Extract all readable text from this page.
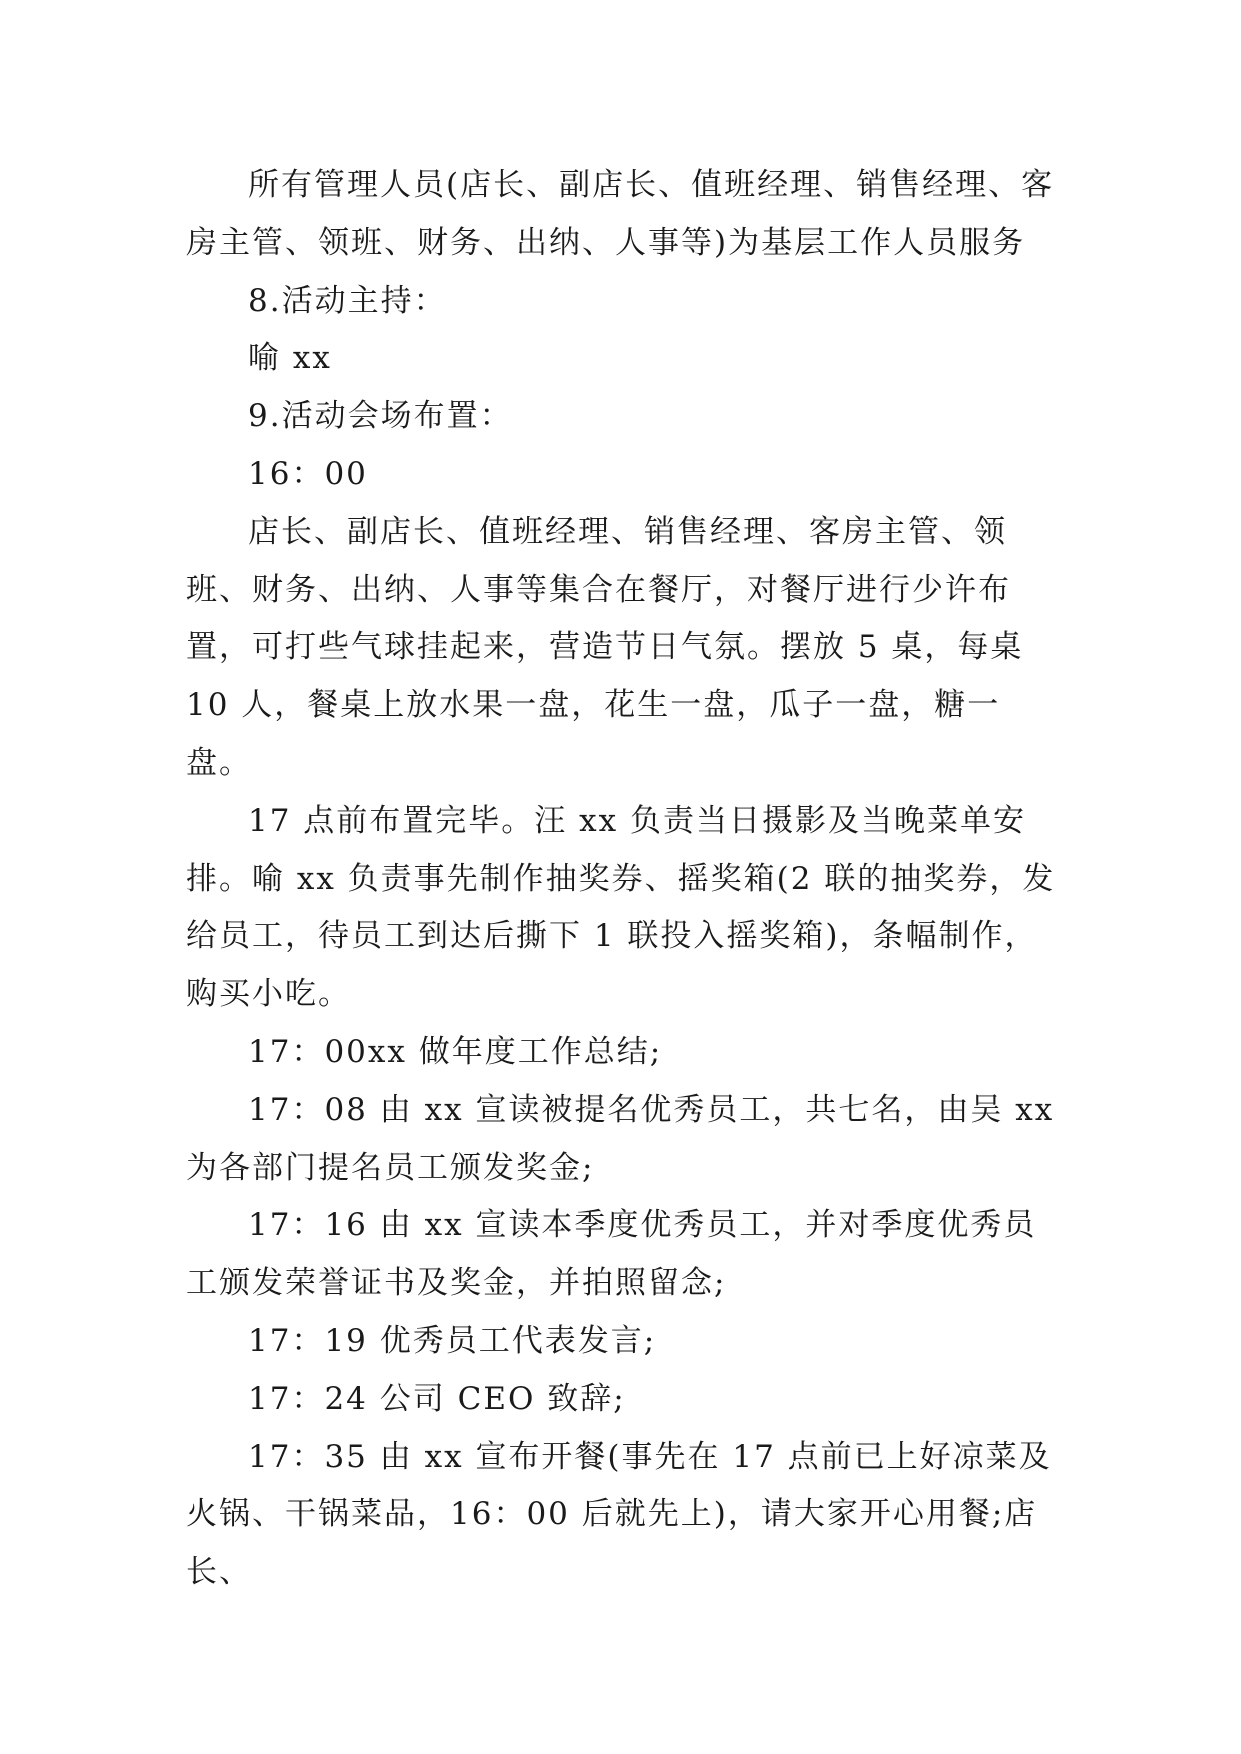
所有管理人员(店长、副店长、值班经理、销售经理、客房主管、领班、财务、出纳、人事等)为基层工作人员服务

8.活动主持：

喻 xx

9.活动会场布置：

16：00

店长、副店长、值班经理、销售经理、客房主管、领班、财务、出纳、人事等集合在餐厅，对餐厅进行少许布置，可打些气球挂起来，营造节日气氛。摆放 5 桌，每桌 10 人，餐桌上放水果一盘，花生一盘，瓜子一盘，糖一盘。

17 点前布置完毕。汪 xx 负责当日摄影及当晚菜单安排。喻 xx 负责事先制作抽奖券、摇奖箱(2 联的抽奖券，发给员工，待员工到达后撕下 1 联投入摇奖箱)，条幅制作，购买小吃。

17：00xx 做年度工作总结;

17：08 由 xx 宣读被提名优秀员工，共七名，由吴 xx 为各部门提名员工颁发奖金;

17：16 由 xx 宣读本季度优秀员工，并对季度优秀员工颁发荣誉证书及奖金，并拍照留念;

17：19 优秀员工代表发言;

17：24 公司 CEO 致辞;

17：35 由 xx 宣布开餐(事先在 17 点前已上好凉菜及火锅、干锅菜品，16：00 后就先上)，请大家开心用餐;店长、
